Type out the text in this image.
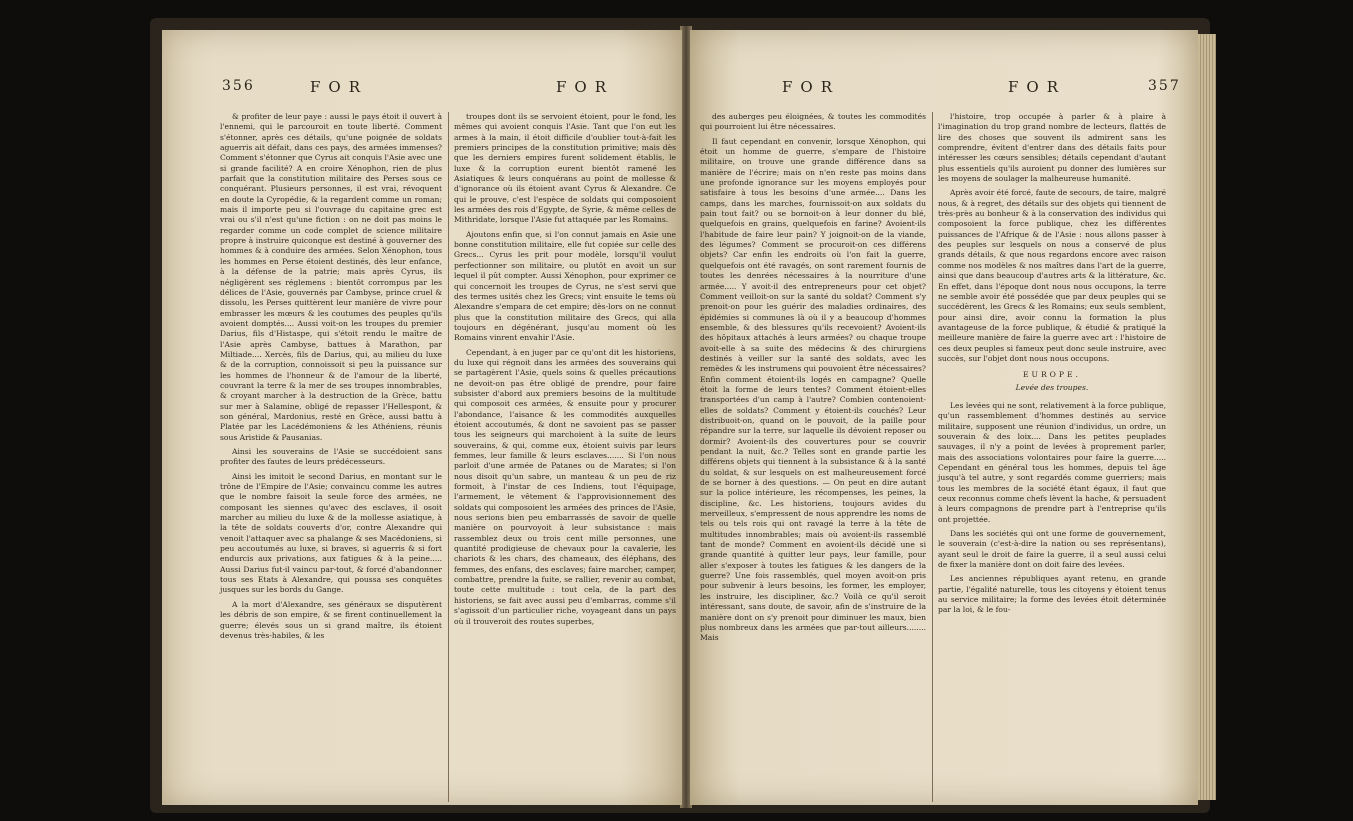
356	FOR	FOR

& profiter de leur paye : aussi le pays étoit il ouvert à l'ennemi, qui le parcouroit en toute liberté. Comment s'étonner, après ces détails, qu'une poignée de soldats aguerris ait défait, dans ces pays, des armées immenses? Comment s'étonner que Cyrus ait conquis l'Asie avec une si grande facilité? A en croire Xénophon, rien de plus parfait que la constitution militaire des Perses sous ce conquérant. Plusieurs personnes, il est vrai, révoquent en doute la Cyropédie, & la regardent comme un roman; mais il importe peu si l'ouvrage du capitaine grec est vrai ou s'il n'est qu'une fiction : on ne doit pas moins le regarder comme un code complet de science militaire propre à instruire quiconque est destiné à gouverner des hommes & à conduire des armées. Selon Xénophon, tous les hommes en Perse étoient destinés, dès leur enfance, à la défense de la patrie; mais après Cyrus, ils négligèrent ses réglemens : bientôt corrompus par les délices de l'Asie, gouvernés par Cambyse, prince cruel & dissolu, les Perses quittèrent leur manière de vivre pour embrasser les mœurs & les coutumes des peuples qu'ils avoient domptés.... Aussi voit-on les troupes du premier Darius, fils d'Histaspe, qui s'étoit rendu le maître de l'Asie après Cambyse, battues à Marathon, par Miltiade.... Xercès, fils de Darius, qui, au milieu du luxe & de la corruption, connoissoit si peu la puissance sur les hommes de l'honneur & de l'amour de la liberté, couvrant la terre & la mer de ses troupes innombrables, & croyant marcher à la destruction de la Grèce, battu sur mer à Salamine, obligé de repasser l'Hellespont, & son général, Mardonius, resté en Grèce, aussi battu à Platée par les Lacédémoniens & les Athéniens, réunis sous Aristide & Pausanias.

Ainsi les souverains de l'Asie se succédoient sans profiter des fautes de leurs prédécesseurs.

Ainsi les imitoit le second Darius, en montant sur le trône de l'Empire de l'Asie; convaincu comme les autres que le nombre faisoit la seule force des armées, ne composant les siennes qu'avec des esclaves, il osoit marcher au milieu du luxe & de la mollesse asiatique, à la tête de soldats couverts d'or, contre Alexandre qui venoit l'attaquer avec sa phalange & ses Macédoniens, si peu accoutumés au luxe, si braves, si aguerris & si fort endurcis aux privations, aux fatigues & à la peine..... Aussi Darius fut-il vaincu par-tout, & forcé d'abandonner tous ses Etats à Alexandre, qui poussa ses conquêtes jusques sur les bords du Gange.

A la mort d'Alexandre, ses généraux se disputèrent les débris de son empire, & se firent continuellement la guerre; élevés sous un si grand maître, ils étoient devenus très-habiles, & les

troupes dont ils se servoient étoient, pour le fond, les mêmes qui avoient conquis l'Asie. Tant que l'on eut les armes à la main, il étoit difficile d'oublier tout-à-fait les premiers principes de la constitution primitive; mais dès que les derniers empires furent solidement établis, le luxe & la corruption eurent bientôt ramené les Asiatiques & leurs conquérans au point de mollesse & d'ignorance où ils étoient avant Cyrus & Alexandre. Ce qui le prouve, c'est l'espèce de soldats qui composoient les armées des rois d'Egypte, de Syrie, & même celles de Mithridate, lorsque l'Asie fut attaquée par les Romains.

Ajoutons enfin que, si l'on connut jamais en Asie une bonne constitution militaire, elle fut copiée sur celle des Grecs... Cyrus les prit pour modèle, lorsqu'il voulut perfectionner son militaire, ou plutôt en avoit un sur lequel il pût compter. Aussi Xénophon, pour exprimer ce qui concernoit les troupes de Cyrus, ne s'est servi que des termes usités chez les Grecs; vint ensuite le tems où Alexandre s'empara de cet empire; dès-lors on ne connut plus que la constitution militaire des Grecs, qui alla toujours en dégénérant, jusqu'au moment où les Romains vinrent envahir l'Asie.

Cependant, à en juger par ce qu'ont dit les historiens, du luxe qui régnoit dans les armées des souverains qui se partagèrent l'Asie, quels soins & quelles précautions ne devoit-on pas être obligé de prendre, pour faire subsister d'abord aux premiers besoins de la multitude qui composoit ces armées, & ensuite pour y procurer l'abondance, l'aisance & les commodités auxquelles étoient accoutumés, & dont ne savoient pas se passer tous les seigneurs qui marchoient à la suite de leurs souverains, & qui, comme eux, étoient suivis par leurs femmes, leur famille & leurs esclaves....... Si l'on nous parloit d'une armée de Patanes ou de Marates; si l'on nous disoit qu'un sabre, un manteau & un peu de riz formoit, à l'instar de ces Indiens, tout l'équipage, l'armement, le vêtement & l'approvisionnement des soldats qui composoient les armées des princes de l'Asie, nous serions bien peu embarrassés de savoir de quelle manière on pourvoyoit à leur subsistance : mais rassemblez deux ou trois cent mille personnes, une quantité prodigieuse de chevaux pour la cavalerie, les chariots & les chars, des chameaux, des éléphans, des femmes, des enfans, des esclaves; faire marcher, camper, combattre, prendre la fuite, se rallier, revenir au combat, toute cette multitude : tout cela, de la part des historiens, se fait avec aussi peu d'embarras, comme s'il s'agissoit d'un particulier riche, voyageant dans un pays où il trouveroit des routes superbes,

FOR	FOR	357

des auberges peu éloignées, & toutes les commodités qui pourroient lui être nécessaires.

Il faut cependant en convenir, lorsque Xénophon, qui étoit un homme de guerre, s'empare de l'histoire militaire, on trouve une grande différence dans sa manière de l'écrire; mais on n'en reste pas moins dans une profonde ignorance sur les moyens employés pour satisfaire à tous les besoins d'une armée.... Dans les camps, dans les marches, fournissoit-on aux soldats du pain tout fait? ou se bornoit-on à leur donner du blé, quelquefois en grains, quelquefois en farine? Avoient-ils l'habitude de faire leur pain? Y joignoit-on de la viande, des légumes? Comment se procuroit-on ces différens objets? Car enfin les endroits où l'on fait la guerre, quelquefois ont été ravagés, on sont rarement fournis de toutes les denrées nécessaires à la nourriture d'une armée..... Y avoit-il des entrepreneurs pour cet objet? Comment veilloit-on sur la santé du soldat? Comment s'y prenoit-on pour les guérir des maladies ordinaires, des épidémies si communes là où il y a beaucoup d'hommes ensemble, & des blessures qu'ils recevoient? Avoient-ils des hôpitaux attachés à leurs armées? ou chaque troupe avoit-elle à sa suite des médecins & des chirurgiens destinés à veiller sur la santé des soldats, avec les remèdes & les instrumens qui pouvoient être nécessaires? Enfin comment étoient-ils logés en campagne? Quelle étoit la forme de leurs tentes? Comment étoient-elles transportées d'un camp à l'autre? Combien contenoient-elles de soldats? Comment y étoient-ils couchés? Leur distribuoit-on, quand on le pouvoit, de la paille pour répandre sur la terre, sur laquelle ils dévoient reposer ou dormir? Avoient-ils des couvertures pour se couvrir pendant la nuit, &c.? Telles sont en grande partie les différens objets qui tiennent à la subsistance & à la santé du soldat, & sur lesquels on est malheureusement forcé de se borner à des questions. — On peut en dire autant sur la police intérieure, les récompenses, les peines, la discipline, &c. Les historiens, toujours avides du merveilleux, s'empressent de nous apprendre les noms de tels ou tels rois qui ont ravagé la terre à la tête de multitudes innombrables; mais où avoient-ils rassemblé tant de monde? Comment en avoient-ils décidé une si grande quantité à quitter leur pays, leur famille, pour aller s'exposer à toutes les fatigues & les dangers de la guerre? Une fois rassemblés, quel moyen avoit-on pris pour subvenir à leurs besoins, les former, les employer, les instruire, les discipliner, &c.? Voilà ce qu'il seroit intéressant, sans doute, de savoir, afin de s'instruire de la manière dont on s'y prenoit pour diminuer les maux, bien plus nombreux dans les armées que par-tout ailleurs........ Mais

l'histoire, trop occupée à parler & à plaire à l'imagination du trop grand nombre de lecteurs, flattés de lire des choses que souvent ils admirent sans les comprendre, évitent d'entrer dans des détails faits pour intéresser les cœurs sensibles; détails cependant d'autant plus essentiels qu'ils auroient pu donner des lumières sur les moyens de soulager la malheureuse humanité.

Après avoir été forcé, faute de secours, de taire, malgré nous, & à regret, des détails sur des objets qui tiennent de très-près au bonheur & à la conservation des individus qui composoient la force publique, chez les différentes puissances de l'Afrique & de l'Asie : nous allons passer à des peuples sur lesquels on nous a conservé de plus grands détails, & que nous regardons encore avec raison comme nos modèles & nos maîtres dans l'art de la guerre, ainsi que dans beaucoup d'autres arts & la littérature, &c. En effet, dans l'époque dont nous nous occupons, la terre ne semble avoir été possédée que par deux peuples qui se succédèrent, les Grecs & les Romains; eux seuls semblent, pour ainsi dire, avoir connu la formation la plus avantageuse de la force publique, & étudié & pratiqué la meilleure manière de faire la guerre avec art : l'histoire de ces deux peuples si fameux peut donc seule instruire, avec succès, sur l'objet dont nous nous occupons.

EUROPE.

Levée des troupes.

Les levées qui ne sont, relativement à la force publique, qu'un rassemblement d'hommes destinés au service militaire, supposent une réunion d'individus, un ordre, un souverain & des loix.... Dans les petites peuplades sauvages, il n'y a point de levées à proprement parler, mais des associations volontaires pour faire la guerre..... Cependant en général tous les hommes, depuis tel âge jusqu'à tel autre, y sont regardés comme guerriers; mais tous les membres de la société étant égaux, il faut que ceux reconnus comme chefs lèvent la hache, & persuadent à leurs compagnons de prendre part à l'entreprise qu'ils ont projettée.

Dans les sociétés qui ont une forme de gouvernement, le souverain (c'est-à-dire la nation ou ses représentans), ayant seul le droit de faire la guerre, il a seul aussi celui de fixer la manière dont on doit faire des levées.

Les anciennes républiques ayant retenu, en grande partie, l'égalité naturelle, tous les citoyens y étoient tenus au service militaire; la forme des levées étoit déterminée par la loi, & le fou-
